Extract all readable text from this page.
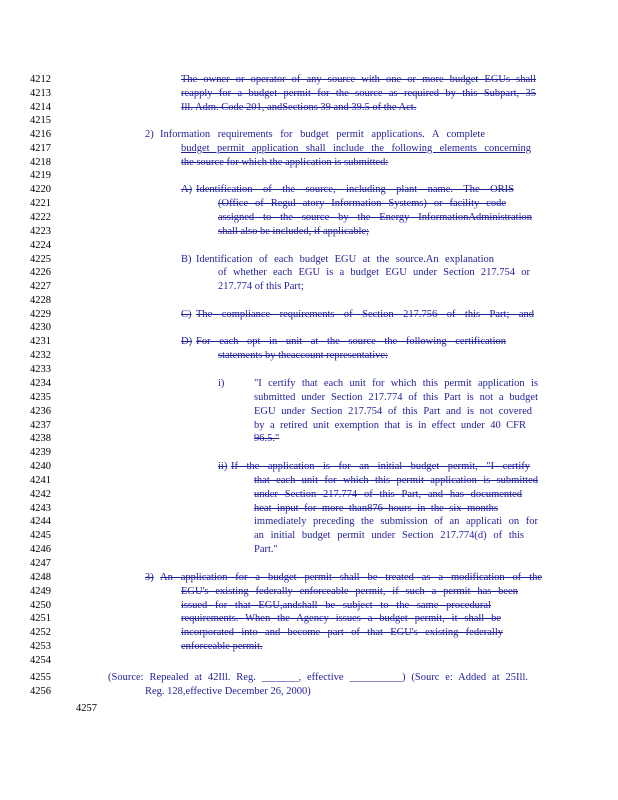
4212
4213
4214
4215
4216
4217
4218
4219
4220
4221
4222
4223
4224
4225
4226
4227
4228
4229
4230
4231
4232
4233
4234
4235
4236
4237
4238
4239
4240
4241
4242
4243
4244
4245
4246
4247
4248
4249
4250
4251
4252
4253
4254
4255
4256
4257
The owner or operator of any source with one or more budget EGUs shall
reapply for a budget permit for the source as required by this Subpart, 35
Ill. Adm. Code 201, andSections 39 and 39.5 of the Act.
2) Information requirements for budget permit applications. A complete
budget permit application shall include the following elements concerning
the source for which the application is submitted:
A) Identification of the source, including plant name. The ORIS
(Office of Regul atory Information Systems) or facility code
assigned to the source by the Energy InformationAdministration
shall also be included, if applicable;
B) Identification of each budget EGU at the source.An explanation
of whether each EGU is a budget EGU under Section 217.754 or
217.774 of this Part;
C) The compliance requirements of Section 217.756 of this Part; and
D) For each opt in unit at the source the following certification
statements by theaccount representative:
i)	"I certify that each unit for which this permit application is
submitted under Section 217.774 of this Part is not a budget
EGU under Section 217.754 of this Part and is not covered
by a retired unit exemption that is in effect under 40 CFR
96.5."
ii) If the application is for an initial budget permit, "I certify
that each unit for which this permit application is submitted
under Section 217.774 of this Part, and has documented
heat input for more than876 hours in the six months
immediately preceding the submission of an applicati on for
an initial budget permit under Section 217.774(d) of this
Part."
3) An application for a budget permit shall be treated as a modification of the
EGU's existing federally enforceable permit, if such a permit has been
issued for that EGU,andshall be subject to the same procedural
requirements. When the Agency issues a budget permit, it shall be
incorporated into and become part of that EGU's existing federally
enforceable permit.
(Source: Repealed at 42Ill. Reg. _______, effective __________) (Sourc e: Added at 25Ill.
Reg. 128,effective December 26, 2000)
